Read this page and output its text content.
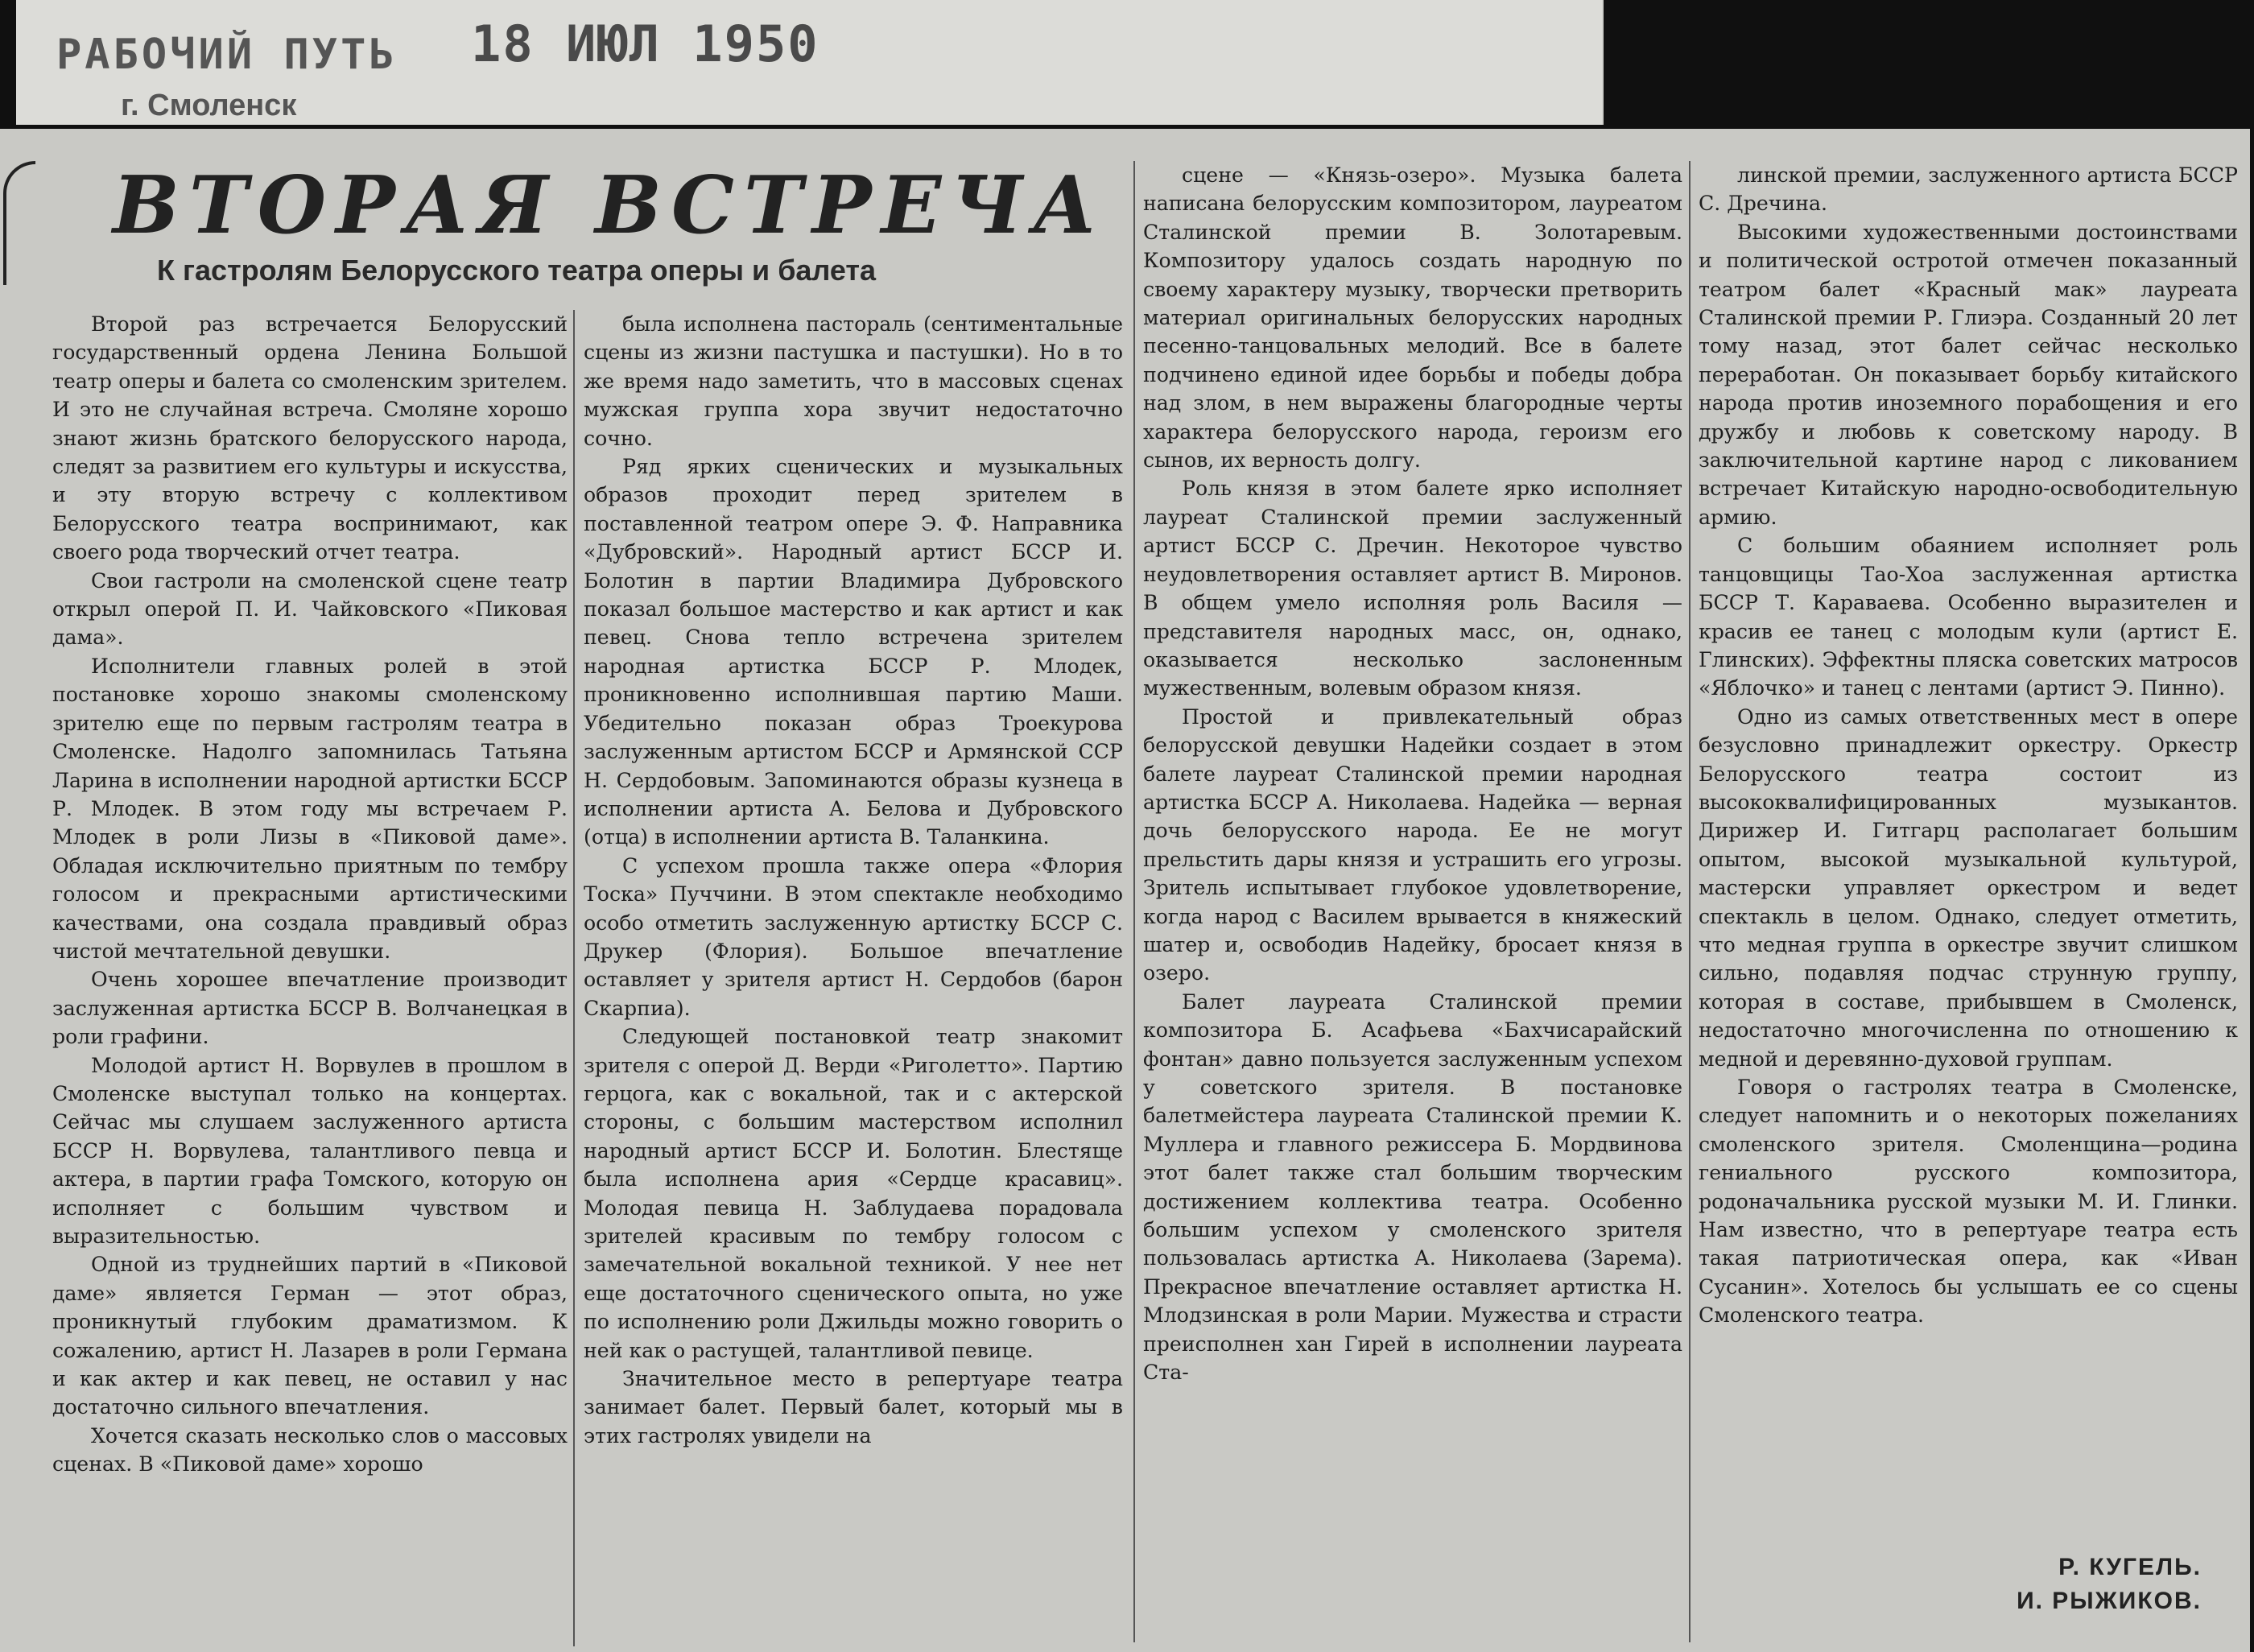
РАБОЧИЙ ПУТЬ 18 ИЮЛ 1950

г. Смоленск

ВТОРАЯ ВСТРЕЧА
К гастролям Белорусского театра оперы и балета

Второй раз встречается Белорусский государственный ордена Ленина Большой театр оперы и балета со смоленским зрителем. И это не случайная встреча. Смоляне хорошо знают жизнь братского белорусского народа, следят за развитием его культуры и искусства, и эту вторую встречу с коллективом Белорусского театра воспринимают, как своего рода творческий отчет театра.

Свои гастроли на смоленской сцене театр открыл оперой П. И. Чайковского «Пиковая дама».

Исполнители главных ролей в этой постановке хорошо знакомы смоленскому зрителю еще по первым гастролям театра в Смоленске. Надолго запомнилась Татьяна Ларина в исполнении народной артистки БССР Р. Млодек. В этом году мы встречаем Р. Млодек в роли Лизы в «Пиковой даме». Обладая исключительно приятным по тембру голосом и прекрасными артистическими качествами, она создала правдивый образ чистой мечтательной девушки.

Очень хорошее впечатление производит заслуженная артистка БССР В. Волчанецкая в роли графини.

Молодой артист Н. Ворвулев в прошлом в Смоленске выступал только на концертах. Сейчас мы слушаем заслуженного артиста БССР Н. Ворвулева, талантливого певца и актера, в партии графа Томского, которую он исполняет с большим чувством и выразительностью.

Одной из труднейших партий в «Пиковой даме» является Герман — этот образ, проникнутый глубоким драматизмом. К сожалению, артист Н. Лазарев в роли Германа и как актер и как певец, не оставил у нас достаточно сильного впечатления.

Хочется сказать несколько слов о массовых сценах. В «Пиковой даме» хорошо

была исполнена пастораль (сентиментальные сцены из жизни пастушка и пастушки). Но в то же время надо заметить, что в массовых сценах мужская группа хора звучит недостаточно сочно.

Ряд ярких сценических и музыкальных образов проходит перед зрителем в поставленной театром опере Э. Ф. Направника «Дубровский». Народный артист БССР И. Болотин в партии Владимира Дубровского показал большое мастерство и как артист и как певец. Снова тепло встречена зрителем народная артистка БССР Р. Млодек, проникновенно исполнившая партию Маши. Убедительно показан образ Троекурова заслуженным артистом БССР и Армянской ССР Н. Сердобовым. Запоминаются образы кузнеца в исполнении артиста А. Белова и Дубровского (отца) в исполнении артиста В. Таланкина.

С успехом прошла также опера «Флория Тоска» Пуччини. В этом спектакле необходимо особо отметить заслуженную артистку БССР С. Друкер (Флория). Большое впечатление оставляет у зрителя артист Н. Сердобов (барон Скарпиа).

Следующей постановкой театр знакомит зрителя с оперой Д. Верди «Риголетто». Партию герцога, как с вокальной, так и с актерской стороны, с большим мастерством исполнил народный артист БССР И. Болотин. Блестяще была исполнена ария «Сердце красавиц». Молодая певица Н. Заблудаева порадовала зрителей красивым по тембру голосом с замечательной вокальной техникой. У нее нет еще достаточного сценического опыта, но уже по исполнению роли Джильды можно говорить о ней как о растущей, талантливой певице.

Значительное место в репертуаре театра занимает балет. Первый балет, который мы в этих гастролях увидели на

сцене — «Князь-озеро». Музыка балета написана белорусским композитором, лауреатом Сталинской премии В. Золотаревым. Композитору удалось создать народную по своему характеру музыку, творчески претворить материал оригинальных белорусских народных песенно-танцовальных мелодий. Все в балете подчинено единой идее борьбы и победы добра над злом, в нем выражены благородные черты характера белорусского народа, героизм его сынов, их верность долгу.

Роль князя в этом балете ярко исполняет лауреат Сталинской премии заслуженный артист БССР С. Дречин. Некоторое чувство неудовлетворения оставляет артист В. Миронов. В общем умело исполняя роль Василя — представителя народных масс, он, однако, оказывается несколько заслоненным мужественным, волевым образом князя.

Простой и привлекательный образ белорусской девушки Надейки создает в этом балете лауреат Сталинской премии народная артистка БССР А. Николаева. Надейка — верная дочь белорусского народа. Ее не могут прельстить дары князя и устрашить его угрозы. Зритель испытывает глубокое удовлетворение, когда народ с Василем врывается в княжеский шатер и, освободив Надейку, бросает князя в озеро.

Балет лауреата Сталинской премии композитора Б. Асафьева «Бахчисарайский фонтан» давно пользуется заслуженным успехом у советского зрителя. В постановке балетмейстера лауреата Сталинской премии К. Муллера и главного режиссера Б. Мордвинова этот балет также стал большим творческим достижением коллектива театра. Особенно большим успехом у смоленского зрителя пользовалась артистка А. Николаева (Зарема). Прекрасное впечатление оставляет артистка Н. Млодзинская в роли Марии. Мужества и страсти преисполнен хан Гирей в исполнении лауреата Ста-

линской премии, заслуженного артиста БССР С. Дречина.

Высокими художественными достоинствами и политической остротой отмечен показанный театром балет «Красный мак» лауреата Сталинской премии Р. Глиэра. Созданный 20 лет тому назад, этот балет сейчас несколько переработан. Он показывает борьбу китайского народа против иноземного порабощения и его дружбу и любовь к советскому народу. В заключительной картине народ с ликованием встречает Китайскую народно-освободительную армию.

С большим обаянием исполняет роль танцовщицы Тао-Хоа заслуженная артистка БССР Т. Караваева. Особенно выразителен и красив ее танец с молодым кули (артист Е. Глинских). Эффектны пляска советских матросов «Яблочко» и танец с лентами (артист Э. Пинно).

Одно из самых ответственных мест в опере безусловно принадлежит оркестру. Оркестр Белорусского театра состоит из высококвалифицированных музыкантов. Дирижер И. Гитгарц располагает большим опытом, высокой музыкальной культурой, мастерски управляет оркестром и ведет спектакль в целом. Однако, следует отметить, что медная группа в оркестре звучит слишком сильно, подавляя подчас струнную группу, которая в составе, прибывшем в Смоленск, недостаточно многочисленна по отношению к медной и деревянно-духовой группам.

Говоря о гастролях театра в Смоленске, следует напомнить и о некоторых пожеланиях смоленского зрителя. Смоленщина—родина гениального русского композитора, родоначальника русской музыки М. И. Глинки. Нам известно, что в репертуаре театра есть такая патриотическая опера, как «Иван Сусанин». Хотелось бы услышать ее со сцены Смоленского театра.

Р. КУГЕЛЬ.

И. РЫЖИКОВ.
